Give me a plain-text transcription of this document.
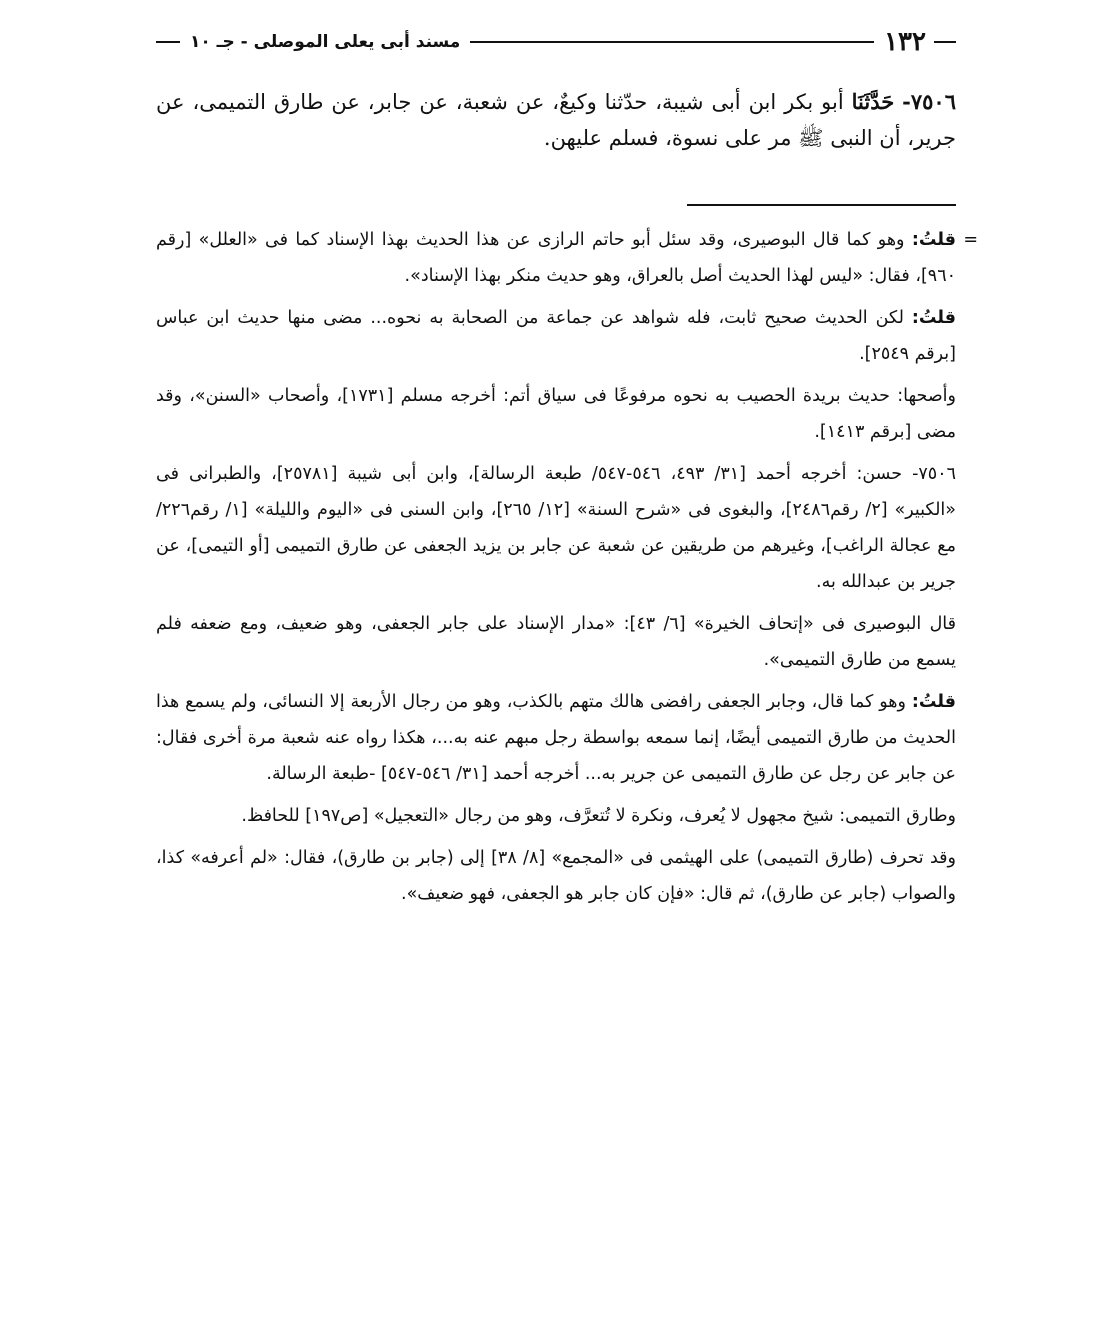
١٣٢
مسند أبى يعلى الموصلى - جـ ١٠
٧٥٠٦- حَدَّثَنَا أبو بكر ابن أبى شيبة، حدّثنا وكيعٌ، عن شعبة، عن جابر، عن طارق التميمى، عن جرير، أن النبى ﷺ مر على نسوة، فسلم عليهن.

=
قلتُ: وهو كما قال البوصيرى، وقد سئل أبو حاتم الرازى عن هذا الحديث بهذا الإسناد كما فى «العلل» [رقم ٩٦٠]، فقال: «ليس لهذا الحديث أصل بالعراق، وهو حديث منكر بهذا الإسناد».

قلتُ: لكن الحديث صحيح ثابت، فله شواهد عن جماعة من الصحابة به نحوه... مضى منها حديث ابن عباس [برقم ٢٥٤٩].

وأصحها: حديث بريدة الحصيب به نحوه مرفوعًا فى سياق أتم: أخرجه مسلم [١٧٣١]، وأصحاب «السنن»، وقد مضى [برقم ١٤١٣].

٧٥٠٦- حسن: أخرجه أحمد [٣١/ ٤٩٣، ٥٤٦-٥٤٧/ طبعة الرسالة]، وابن أبى شيبة [٢٥٧٨١]، والطبرانى فى «الكبير» [٢/ رقم٢٤٨٦]، والبغوى فى «شرح السنة» [١٢/ ٢٦٥]، وابن السنى فى «اليوم والليلة» [١/ رقم٢٢٦/ مع عجالة الراغب]، وغيرهم من طريقين عن شعبة عن جابر بن يزيد الجعفى عن طارق التميمى [أو التيمى]، عن جرير بن عبدالله به.

قال البوصيرى فى «إتحاف الخيرة» [٦/ ٤٣]: «مدار الإسناد على جابر الجعفى، وهو ضعيف، ومع ضعفه فلم يسمع من طارق التميمى».

قلتُ: وهو كما قال، وجابر الجعفى رافضى هالك متهم بالكذب، وهو من رجال الأربعة إلا النسائى، ولم يسمع هذا الحديث من طارق التميمى أيضًا، إنما سمعه بواسطة رجل مبهم عنه به...، هكذا رواه عنه شعبة مرة أخرى فقال: عن جابر عن رجل عن طارق التميمى عن جرير به... أخرجه أحمد [٣١/ ٥٤٦-٥٤٧] -طبعة الرسالة.

وطارق التميمى: شيخ مجهول لا يُعرف، ونكرة لا تُتعرَّف، وهو من رجال «التعجيل» [ص١٩٧] للحافظ.

وقد تحرف (طارق التميمى) على الهيثمى فى «المجمع» [٨/ ٣٨] إلى (جابر بن طارق)، فقال: «لم أعرفه» كذا، والصواب (جابر عن طارق)، ثم قال: «فإن كان جابر هو الجعفى، فهو ضعيف».
